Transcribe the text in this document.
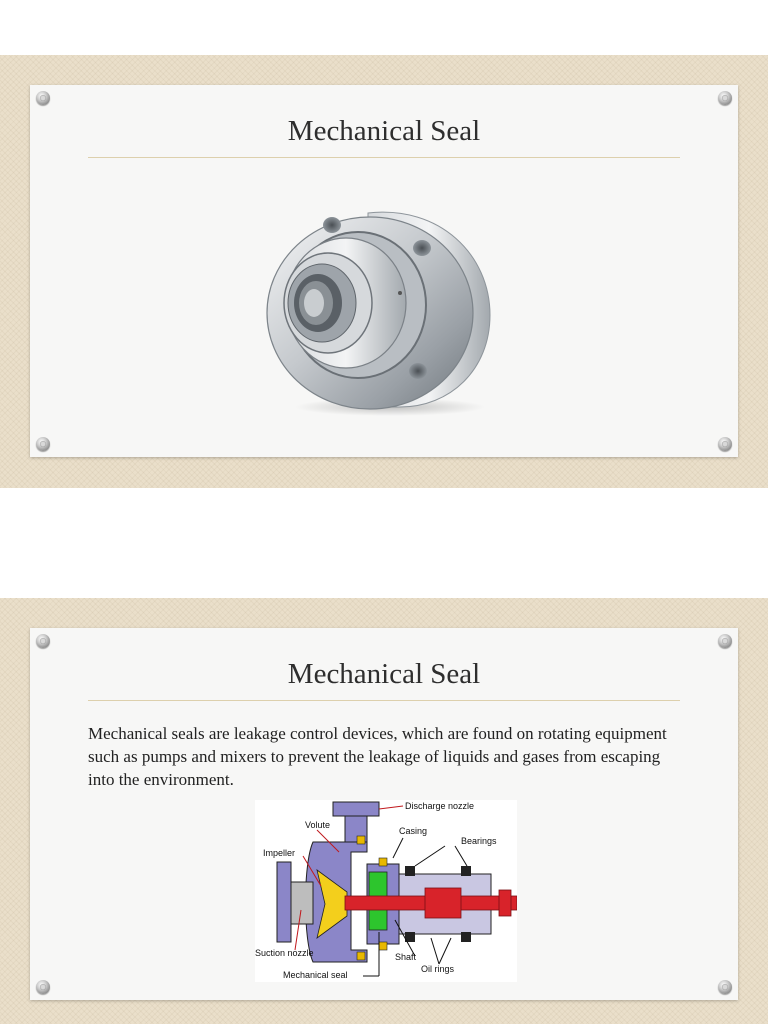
Mechanical Seal
Mechanical Seal

Mechanical seals are leakage control devices, which are found on rotating equipment such as pumps and mixers to prevent the leakage of liquids and gases from escaping into the environment.

Discharge nozzle
Volute
Casing
Bearings
Impeller
Suction nozzle	Shaft
Oil rings
Mechanical seal
